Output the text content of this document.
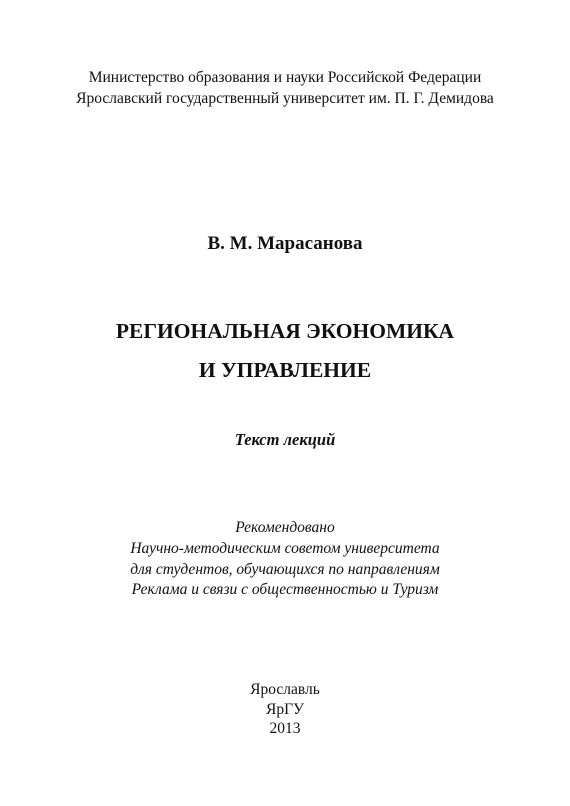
Министерство образования и науки Российской Федерации
Ярославский государственный университет им. П. Г. Демидова
В. М. Марасанова
РЕГИОНАЛЬНАЯ ЭКОНОМИКА
И УПРАВЛЕНИЕ
Текст лекций
Рекомендовано
Научно-методическим советом университета
для студентов, обучающихся по направлениям
Реклама и связи с общественностью и Туризм
Ярославль
ЯрГУ
2013
